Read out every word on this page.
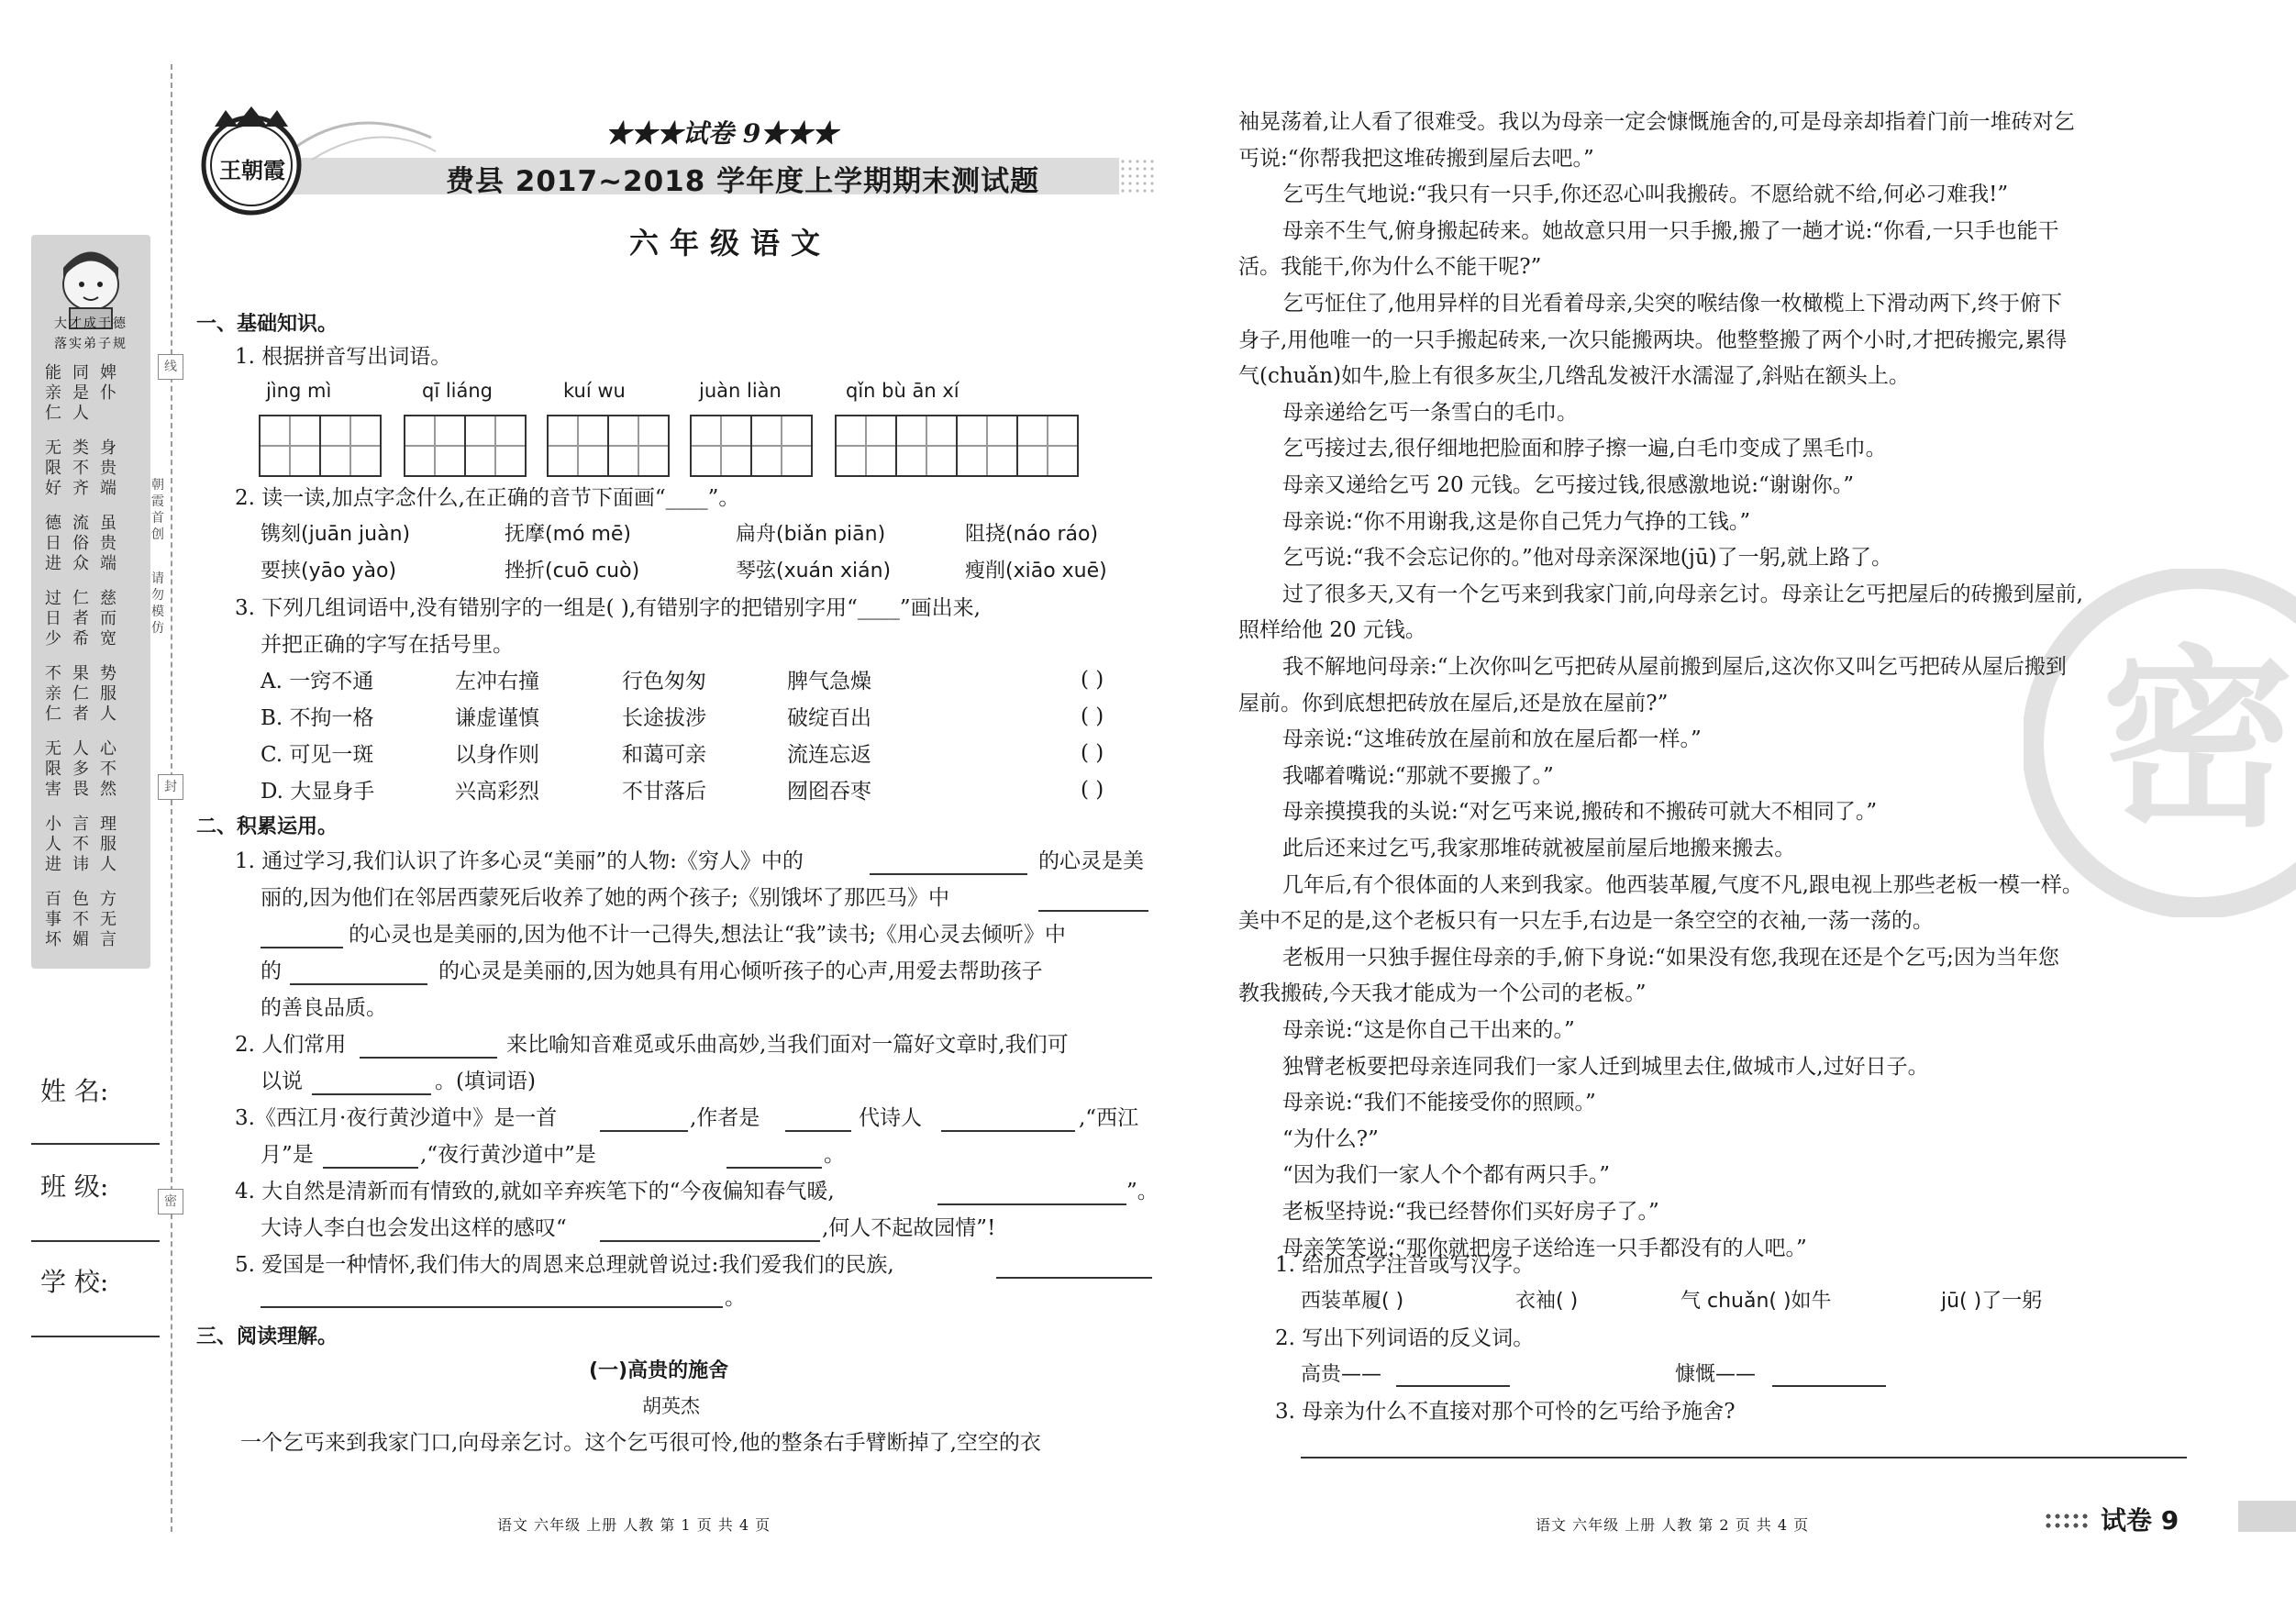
大才成于德
落实弟子规
能亲仁
无限好
德日进
过日少
不亲仁
无限害
小人进
百事坏
同是人
类不齐
流俗众
仁者希
果仁者
人多畏
言不讳
色不媚
婢仆
身贵端
虽贵端
慈而宽
势服人
心不然
理服人
方无言
线
朝霞首创
请勿模仿
封
密
姓 名:
班 级:
学 校:
王朝霞
★★★试卷 9★★★
费县 2017~2018 学年度上学期期末测试题
六年级语文
一、基础知识。
1. 根据拼音写出词语。
jìng mì	qī liáng	kuí wu	juàn liàn	qǐn bù ān xí
2. 读一读,加点字念什么,在正确的音节下面画“____”。
镌刻(juān juàn)	抚摩(mó mē)	扁舟(biǎn piān)	阻挠(náo ráo)
要挟(yāo yào)	挫折(cuō cuò)	琴弦(xuán xián)	瘦削(xiāo xuē)
3. 下列几组词语中,没有错别字的一组是( ),有错别字的把错别字用“____”画出来,
并把正确的字写在括号里。
A. 一窍不通	左冲右撞	行色匆匆	脾气急燥	( )
B. 不拘一格	谦虚谨慎	长途拔涉	破绽百出	( )
C. 可见一斑	以身作则	和蔼可亲	流连忘返	( )
D. 大显身手	兴高彩烈	不甘落后	囫囵吞枣	( )
二、积累运用。
1. 通过学习,我们认识了许多心灵“美丽”的人物:《穷人》中的	的心灵是美
丽的,因为他们在邻居西蒙死后收养了她的两个孩子;《别饿坏了那匹马》中
的心灵也是美丽的,因为他不计一己得失,想法让“我”读书;《用心灵去倾听》中
的	的心灵是美丽的,因为她具有用心倾听孩子的心声,用爱去帮助孩子
的善良品质。
2. 人们常用	来比喻知音难觅或乐曲高妙,当我们面对一篇好文章时,我们可
以说	。(填词语)
3.《西江月·夜行黄沙道中》是一首	,作者是	代诗人	,“西江
月”是	,“夜行黄沙道中”是	。
4. 大自然是清新而有情致的,就如辛弃疾笔下的“今夜偏知春气暖,	”。
大诗人李白也会发出这样的感叹“	,何人不起故园情”!
5. 爱国是一种情怀,我们伟大的周恩来总理就曾说过:我们爱我们的民族,
。
三、阅读理解。
(一)高贵的施舍
胡英杰
一个乞丐来到我家门口,向母亲乞讨。这个乞丐很可怜,他的整条右手臂断掉了,空空的衣
语文 六年级 上册 人教 第 1 页 共 4 页
密
袖晃荡着,让人看了很难受。我以为母亲一定会慷慨施舍的,可是母亲却指着门前一堆砖对乞
丐说:“你帮我把这堆砖搬到屋后去吧。”
乞丐生气地说:“我只有一只手,你还忍心叫我搬砖。不愿给就不给,何必刁难我!”
母亲不生气,俯身搬起砖来。她故意只用一只手搬,搬了一趟才说:“你看,一只手也能干
活。我能干,你为什么不能干呢?”
乞丐怔住了,他用异样的目光看着母亲,尖突的喉结像一枚橄榄上下滑动两下,终于俯下
身子,用他唯一的一只手搬起砖来,一次只能搬两块。他整整搬了两个小时,才把砖搬完,累得
气(chuǎn)如牛,脸上有很多灰尘,几绺乱发被汗水濡湿了,斜贴在额头上。
母亲递给乞丐一条雪白的毛巾。
乞丐接过去,很仔细地把脸面和脖子擦一遍,白毛巾变成了黑毛巾。
母亲又递给乞丐 20 元钱。乞丐接过钱,很感激地说:“谢谢你。”
母亲说:“你不用谢我,这是你自己凭力气挣的工钱。”
乞丐说:“我不会忘记你的。”他对母亲深深地(jū)了一躬,就上路了。
过了很多天,又有一个乞丐来到我家门前,向母亲乞讨。母亲让乞丐把屋后的砖搬到屋前,
照样给他 20 元钱。
我不解地问母亲:“上次你叫乞丐把砖从屋前搬到屋后,这次你又叫乞丐把砖从屋后搬到
屋前。你到底想把砖放在屋后,还是放在屋前?”
母亲说:“这堆砖放在屋前和放在屋后都一样。”
我嘟着嘴说:“那就不要搬了。”
母亲摸摸我的头说:“对乞丐来说,搬砖和不搬砖可就大不相同了。”
此后还来过乞丐,我家那堆砖就被屋前屋后地搬来搬去。
几年后,有个很体面的人来到我家。他西装革履,气度不凡,跟电视上那些老板一模一样。
美中不足的是,这个老板只有一只左手,右边是一条空空的衣袖,一荡一荡的。
老板用一只独手握住母亲的手,俯下身说:“如果没有您,我现在还是个乞丐;因为当年您
教我搬砖,今天我才能成为一个公司的老板。”
母亲说:“这是你自己干出来的。”
独臂老板要把母亲连同我们一家人迁到城里去住,做城市人,过好日子。
母亲说:“我们不能接受你的照顾。”
“为什么?”
“因为我们一家人个个都有两只手。”
老板坚持说:“我已经替你们买好房子了。”
母亲笑笑说:“那你就把房子送给连一只手都没有的人吧。”
1. 给加点字注音或写汉字。
西装革履( )	衣袖( )	气 chuǎn( )如牛	jū( )了一躬
2. 写出下列词语的反义词。
高贵——	慷慨——
3. 母亲为什么不直接对那个可怜的乞丐给予施舍?
语文 六年级 上册 人教 第 2 页 共 4 页	试卷 9
